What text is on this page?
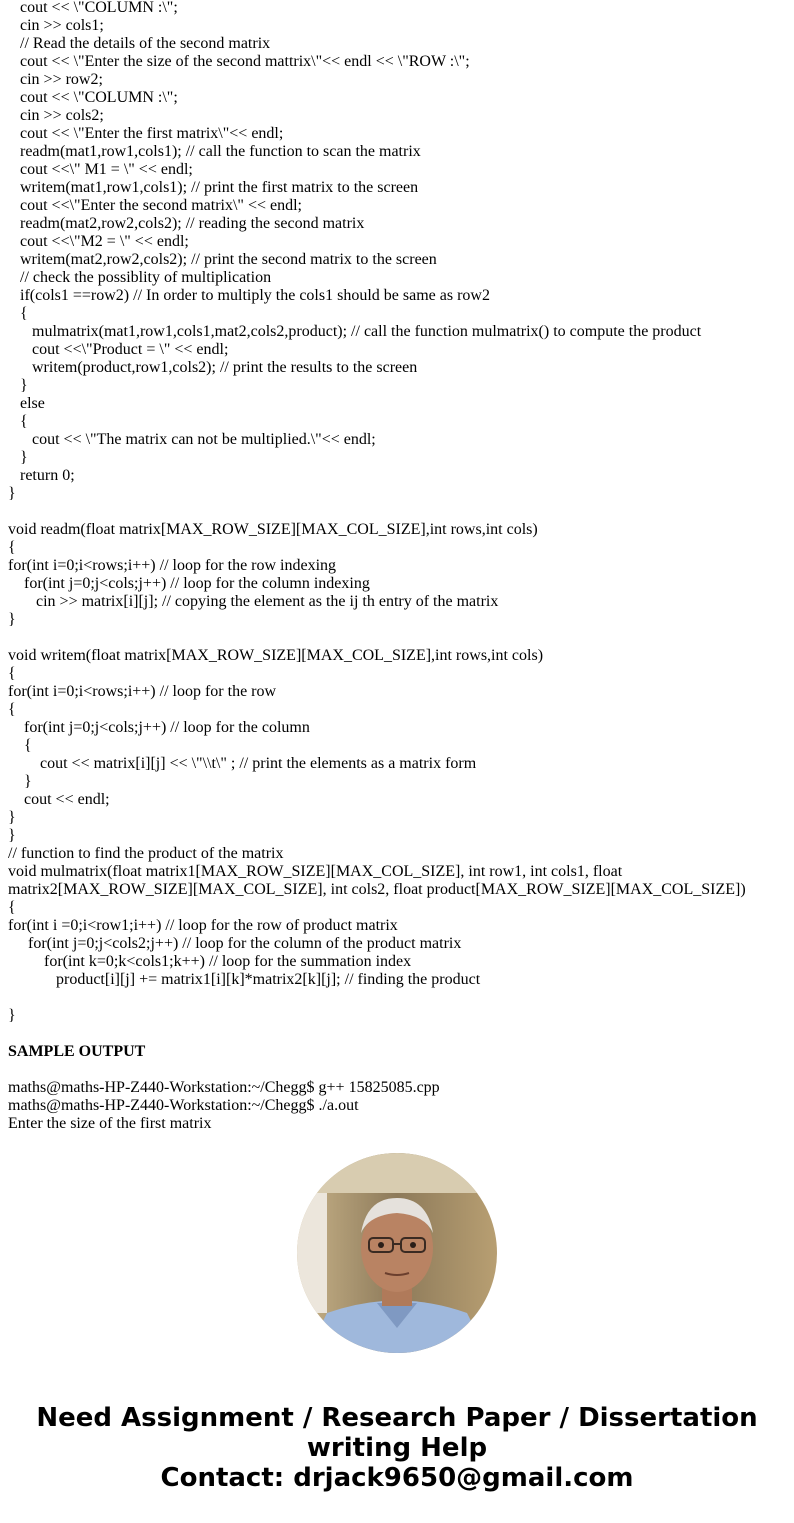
cout << \"COLUMN :\";
cin >> cols1;
// Read the details of the second matrix
cout << \"Enter the size of the second mattrix\"<< endl << \"ROW :\";
cin >> row2;
cout << \"COLUMN :\";
cin >> cols2;
cout << \"Enter the first matrix\"<< endl;
readm(mat1,row1,cols1); // call the function to scan the matrix
cout <<\" M1 = \" << endl;
writem(mat1,row1,cols1); // print the first matrix to the screen
cout <<\"Enter the second matrix\" << endl;
readm(mat2,row2,cols2); // reading the second matrix
cout <<\"M2 = \" << endl;
writem(mat2,row2,cols2); // print the second matrix to the screen
// check the possiblity of multiplication
if(cols1 ==row2) // In order to multiply the cols1 should be same as row2
{
mulmatrix(mat1,row1,cols1,mat2,cols2,product); // call the function mulmatrix() to compute the product
cout <<\"Product = \" << endl;
writem(product,row1,cols2); // print the results to the screen
}
else
{
cout << \"The matrix can not be multiplied.\"<< endl;
}
return 0;
}
void readm(float matrix[MAX_ROW_SIZE][MAX_COL_SIZE],int rows,int cols)
{
for(int i=0;i<rows;i++) // loop for the row indexing
for(int j=0;j<cols;j++) // loop for the column indexing
cin >> matrix[i][j]; // copying the element as the ij th entry of the matrix
}
void writem(float matrix[MAX_ROW_SIZE][MAX_COL_SIZE],int rows,int cols)
{
for(int i=0;i<rows;i++) // loop for the row
{
for(int j=0;j<cols;j++) // loop for the column
{
cout << matrix[i][j] << \"\\t\" ; // print the elements as a matrix form
}
cout << endl;
}
}
// function to find the product of the matrix
void mulmatrix(float matrix1[MAX_ROW_SIZE][MAX_COL_SIZE], int row1, int cols1, float
matrix2[MAX_ROW_SIZE][MAX_COL_SIZE], int cols2, float product[MAX_ROW_SIZE][MAX_COL_SIZE])
{
for(int i =0;i<row1;i++) // loop for the row of product matrix
for(int j=0;j<cols2;j++) // loop for the column of the product matrix
for(int k=0;k<cols1;k++) // loop for the summation index
product[i][j] += matrix1[i][k]*matrix2[k][j]; // finding the product
}
SAMPLE OUTPUT
maths@maths-HP-Z440-Workstation:~/Chegg$ g++ 15825085.cpp
maths@maths-HP-Z440-Workstation:~/Chegg$ ./a.out
Enter the size of the first matrix
Need Assignment / Research Paper / Dissertation
writing Help
Contact: drjack9650@gmail.com
